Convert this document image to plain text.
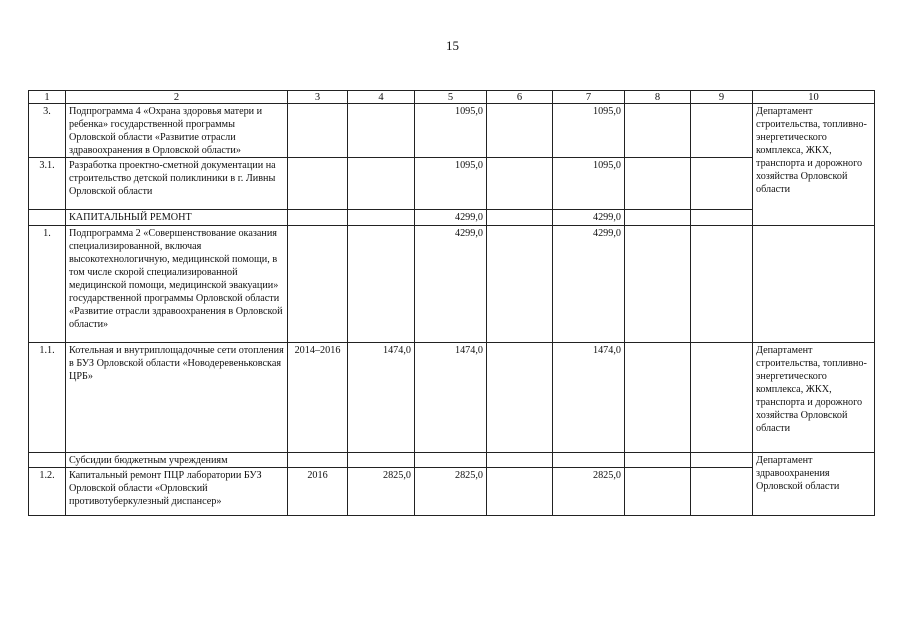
15
1	2	3	4	5	6	7	8	9	10
3.	Подпрограмма 4 «Охрана здоровья матери и ребенка» государственной программы Орловской области «Развитие отрасли здравоохранения в Орловской области»			1095,0		1095,0			Департамент строительства, топливно-энергетического комплекса, ЖКХ, транспорта и дорожного хозяйства Орловской области
3.1.	Разработка проектно-сметной документации на строительство детской поликлиники в г. Ливны Орловской области			1095,0		1095,0			
	КАПИТАЛЬНЫЙ РЕМОНТ			4299,0		4299,0			
1.	Подпрограмма 2 «Совершенствование оказания специализированной, включая высокотехнологичную, медицинской помощи, в том числе скорой специализированной медицинской помощи, медицинской эвакуации» государственной программы Орловской области «Развитие отрасли здравоохранения в Орловской области»			4299,0		4299,0			
1.1.	Котельная и внутриплощадочные сети отопления в БУЗ Орловской области «Новодеревеньковская ЦРБ»	2014–2016	1474,0	1474,0		1474,0			Департамент строительства, топливно-энергетического комплекса, ЖКХ, транспорта и дорожного хозяйства Орловской области
	Субсидии бюджетным учреждениям								Департамент здравоохранения Орловской области
1.2.	Капитальный ремонт ПЦР лаборатории БУЗ Орловской области «Орловский противотуберкулезный диспансер»	2016	2825,0	2825,0		2825,0			
